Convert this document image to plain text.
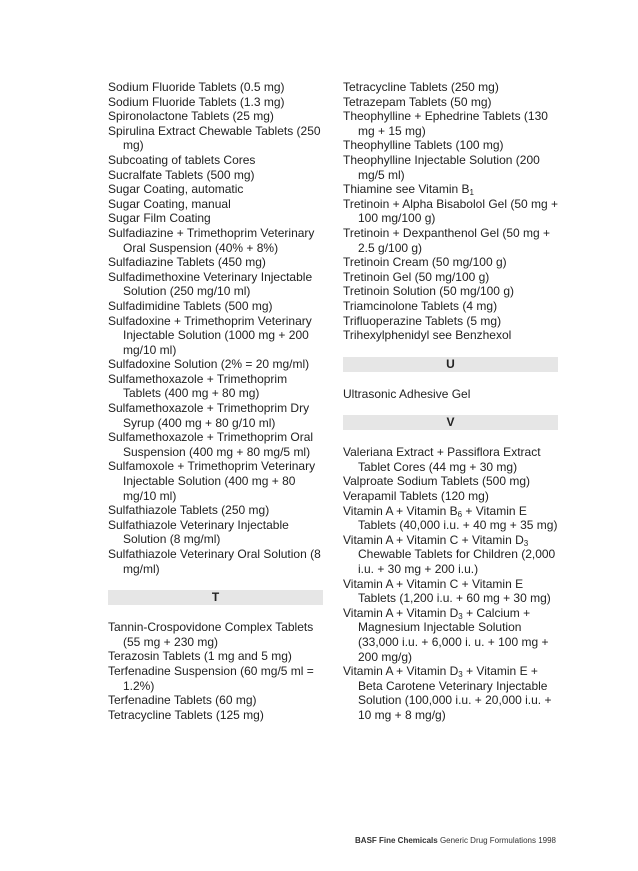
Sodium Fluoride Tablets (0.5 mg)
Sodium Fluoride Tablets (1.3 mg)
Spironolactone Tablets (25 mg)
Spirulina Extract Chewable Tablets (250 mg)
Subcoating of tablets Cores
Sucralfate Tablets (500 mg)
Sugar Coating, automatic
Sugar Coating, manual
Sugar Film Coating
Sulfadiazine + Trimethoprim Veterinary Oral Suspension (40% + 8%)
Sulfadiazine Tablets (450 mg)
Sulfadimethoxine Veterinary Injectable Solution (250 mg/10 ml)
Sulfadimidine Tablets (500 mg)
Sulfadoxine + Trimethoprim Veterinary Injectable Solution (1000 mg + 200 mg/10 ml)
Sulfadoxine Solution (2% = 20 mg/ml)
Sulfamethoxazole + Trimethoprim Tablets (400 mg + 80 mg)
Sulfamethoxazole + Trimethoprim Dry Syrup (400 mg + 80 g/10 ml)
Sulfamethoxazole + Trimethoprim Oral Suspension (400 mg + 80 mg/5 ml)
Sulfamoxole + Trimethoprim Veterinary Injectable Solution (400 mg + 80 mg/10 ml)
Sulfathiazole Tablets (250 mg)
Sulfathiazole Veterinary Injectable Solution (8 mg/ml)
Sulfathiazole Veterinary Oral Solution (8 mg/ml)
T
Tannin-Crospovidone Complex Tablets (55 mg + 230 mg)
Terazosin Tablets (1 mg and 5 mg)
Terfenadine Suspension (60 mg/5 ml = 1.2%)
Terfenadine Tablets (60 mg)
Tetracycline Tablets (125 mg)
Tetracycline Tablets (250 mg)
Tetrazepam Tablets (50 mg)
Theophylline + Ephedrine Tablets (130 mg + 15 mg)
Theophylline Tablets (100 mg)
Theophylline Injectable Solution (200 mg/5 ml)
Thiamine see Vitamin $B_1$
Tretinoin + Alpha Bisabolol Gel (50 mg + 100 mg/100 g)
Tretinoin + Dexpanthenol Gel (50 mg + 2.5 g/100 g)
Tretinoin Cream (50 mg/100 g)
Tretinoin Gel (50 mg/100 g)
Tretinoin Solution (50 mg/100 g)
Triamcinolone Tablets (4 mg)
Trifluoperazine Tablets (5 mg)
Trihexylphenidyl see Benzhexol
U
Ultrasonic Adhesive Gel
V
Valeriana Extract + Passiflora Extract Tablet Cores (44 mg + 30 mg)
Valproate Sodium Tablets (500 mg)
Verapamil Tablets (120 mg)
Vitamin A + Vitamin $B_6$ + Vitamin E Tablets (40,000 i.u. + 40 mg + 35 mg)
Vitamin A + Vitamin C + Vitamin $D_3$ Chewable Tablets for Children (2,000 i.u. + 30 mg + 200 i.u.)
Vitamin A + Vitamin C + Vitamin E Tablets (1,200 i.u. + 60 mg + 30 mg)
Vitamin A + Vitamin $D_3$ + Calcium + Magnesium Injectable Solution (33,000 i.u. + 6,000 i. u. + 100 mg + 200 mg/g)
Vitamin A + Vitamin $D_3$ + Vitamin E + Beta Carotene Veterinary Injectable Solution (100,000 i.u. + 20,000 i.u. + 10 mg + 8 mg/g)
BASF Fine Chemicals Generic Drug Formulations 1998
